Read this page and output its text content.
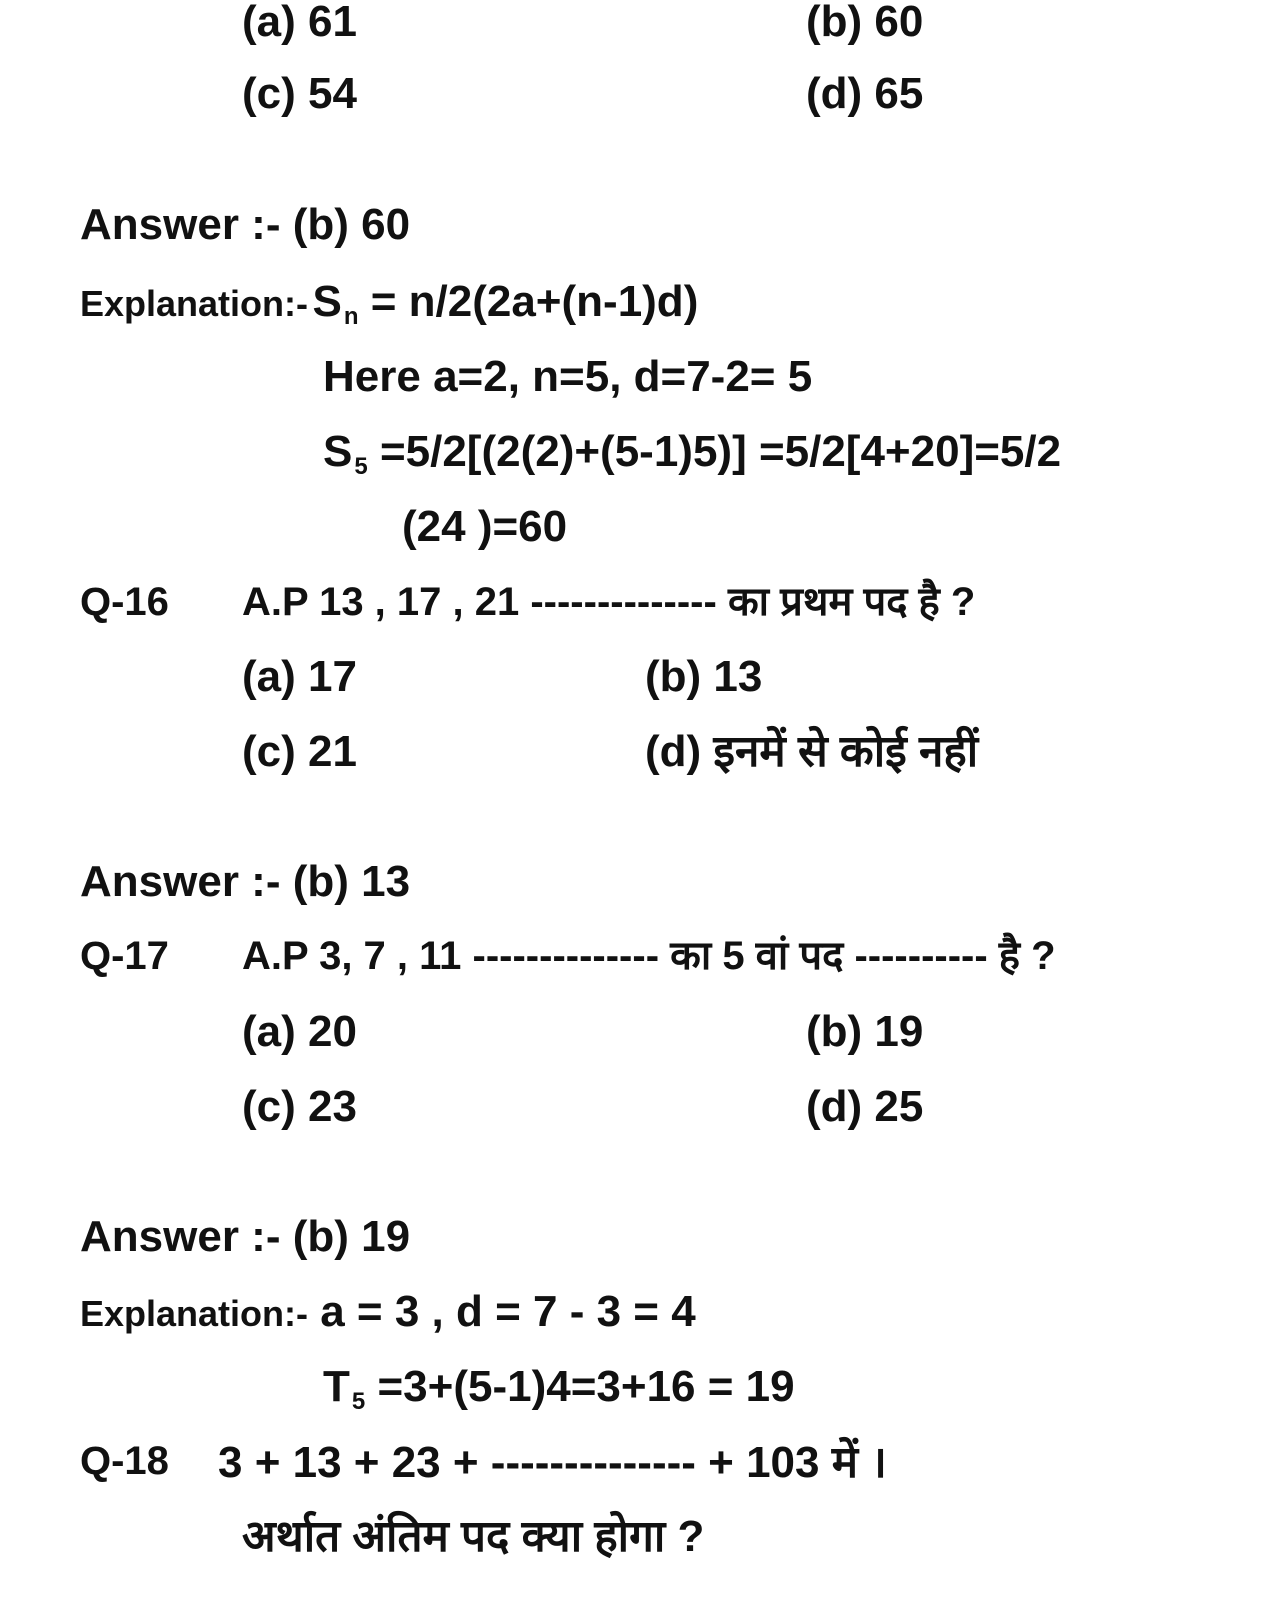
(a) 61	(b) 60
(c) 54	(d) 65
Answer :- (b) 60
Explanation:- Sn = n/2(2a+(n-1)d)
Here a=2, n=5, d=7-2= 5
$S_5 =5/2[(2(2)+(5-1)5)] =5/2[4+20]=5/2$
(24 )=60
Q-16 A.P 13 , 17 , 21 -------------- का प्रथम पद है ?
(a) 17	(b) 13
(c) 21	(d) इनमें से कोई नहीं
Answer :- (b) 13
Q-17 A.P 3, 7 , 11 -------------- का 5 वां पद ---------- है ?
(a) 20	(b) 19
(c) 23	(d) 25
Answer :- (b) 19
Explanation:- a = 3 , d = 7 - 3 = 4
$T_5 =3+(5-1)4=3+16 = 19$
Q-18 3 + 13 + 23 + -------------- + 103 में ।
अर्थात अंतिम पद क्या होगा ?
